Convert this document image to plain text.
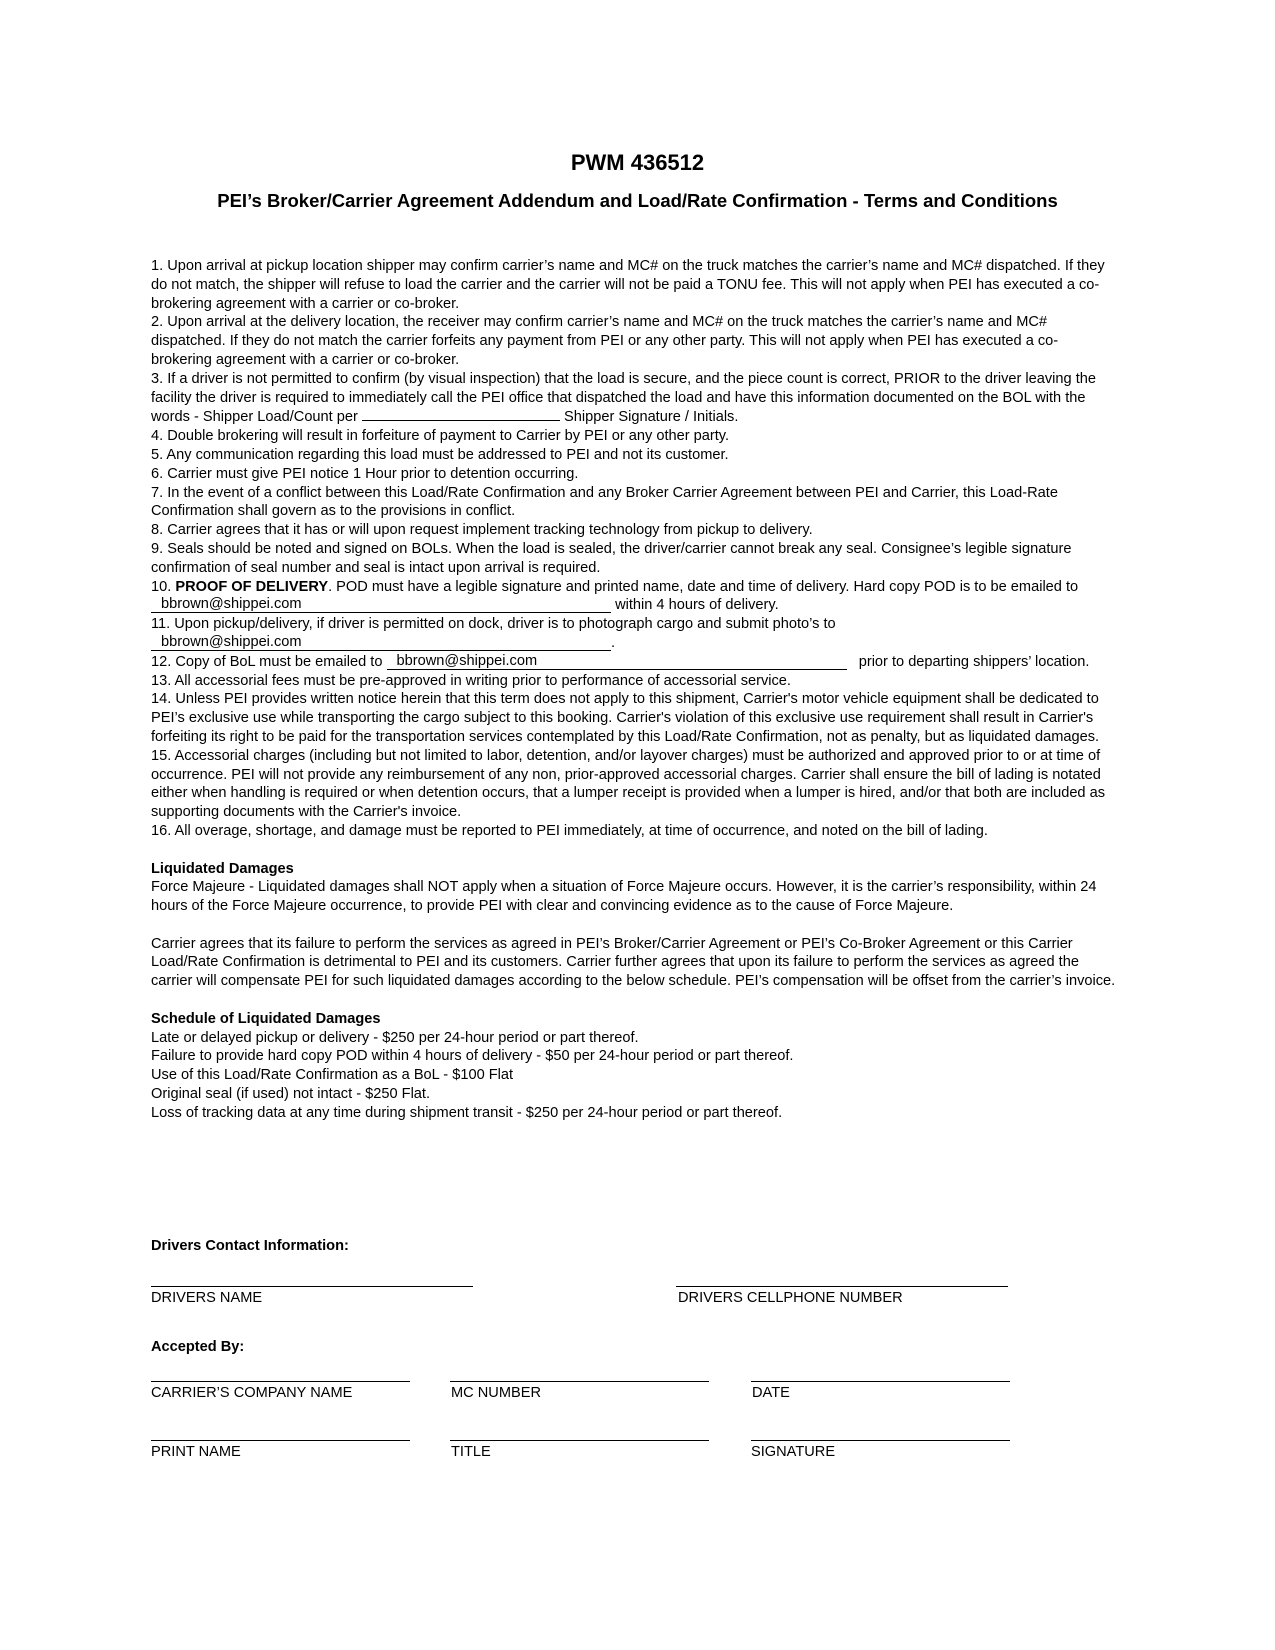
PWM 436512
PEI’s Broker/Carrier Agreement Addendum and Load/Rate Confirmation - Terms and Conditions

1. Upon arrival at pickup location shipper may confirm carrier’s name and MC# on the truck matches the carrier’s name and MC# dispatched. If they do not match, the shipper will refuse to load the carrier and the carrier will not be paid a TONU fee. This will not apply when PEI has executed a co-brokering agreement with a carrier or co-broker.

2. Upon arrival at the delivery location, the receiver may confirm carrier’s name and MC# on the truck matches the carrier’s name and MC# dispatched. If they do not match the carrier forfeits any payment from PEI or any other party. This will not apply when PEI has executed a co-brokering agreement with a carrier or co-broker.

3. If a driver is not permitted to confirm (by visual inspection) that the load is secure, and the piece count is correct, PRIOR to the driver leaving the facility the driver is required to immediately call the PEI office that dispatched the load and have this information documented on the BOL with the words - Shipper Load/Count per	Shipper Signature / Initials.

4. Double brokering will result in forfeiture of payment to Carrier by PEI or any other party.

5. Any communication regarding this load must be addressed to PEI and not its customer.

6. Carrier must give PEI notice 1 Hour prior to detention occurring.

7. In the event of a conflict between this Load/Rate Confirmation and any Broker Carrier Agreement between PEI and Carrier, this Load-Rate Confirmation shall govern as to the provisions in conflict.

8. Carrier agrees that it has or will upon request implement tracking technology from pickup to delivery.

9. Seals should be noted and signed on BOLs. When the load is sealed, the driver/carrier cannot break any seal. Consignee’s legible signature confirmation of seal number and seal is intact upon arrival is required.

10. PROOF OF DELIVERY. POD must have a legible signature and printed name, date and time of delivery. Hard copy POD is to be emailed to bbrown@shippei.com	within 4 hours of delivery.

11. Upon pickup/delivery, if driver is permitted on dock, driver is to photograph cargo and submit photo’s to bbrown@shippei.com	.

12. Copy of BoL must be emailed to bbrown@shippei.com	prior to departing shippers’ location.

13. All accessorial fees must be pre-approved in writing prior to performance of accessorial service.

14. Unless PEI provides written notice herein that this term does not apply to this shipment, Carrier's motor vehicle equipment shall be dedicated to PEI’s exclusive use while transporting the cargo subject to this booking. Carrier's violation of this exclusive use requirement shall result in Carrier's forfeiting its right to be paid for the transportation services contemplated by this Load/Rate Confirmation, not as penalty, but as liquidated damages.

15. Accessorial charges (including but not limited to labor, detention, and/or layover charges) must be authorized and approved prior to or at time of occurrence. PEI will not provide any reimbursement of any non, prior-approved accessorial charges. Carrier shall ensure the bill of lading is notated either when handling is required or when detention occurs, that a lumper receipt is provided when a lumper is hired, and/or that both are included as supporting documents with the Carrier's invoice.

16. All overage, shortage, and damage must be reported to PEI immediately, at time of occurrence, and noted on the bill of lading.

Liquidated Damages

Force Majeure - Liquidated damages shall NOT apply when a situation of Force Majeure occurs. However, it is the carrier’s responsibility, within 24 hours of the Force Majeure occurrence, to provide PEI with clear and convincing evidence as to the cause of Force Majeure.

Carrier agrees that its failure to perform the services as agreed in PEI’s Broker/Carrier Agreement or PEI’s Co-Broker Agreement or this Carrier Load/Rate Confirmation is detrimental to PEI and its customers. Carrier further agrees that upon its failure to perform the services as agreed the carrier will compensate PEI for such liquidated damages according to the below schedule. PEI’s compensation will be offset from the carrier’s invoice.

Schedule of Liquidated Damages

Late or delayed pickup or delivery - $250 per 24-hour period or part thereof.

Failure to provide hard copy POD within 4 hours of delivery - $50 per 24-hour period or part thereof.

Use of this Load/Rate Confirmation as a BoL - $100 Flat

Original seal (if used) not intact - $250 Flat.

Loss of tracking data at any time during shipment transit - $250 per 24-hour period or part thereof.

Drivers Contact Information:
DRIVERS NAME	DRIVERS CELLPHONE NUMBER
Accepted By:
CARRIER’S COMPANY NAME	MC NUMBER	DATE
PRINT NAME	TITLE	SIGNATURE
